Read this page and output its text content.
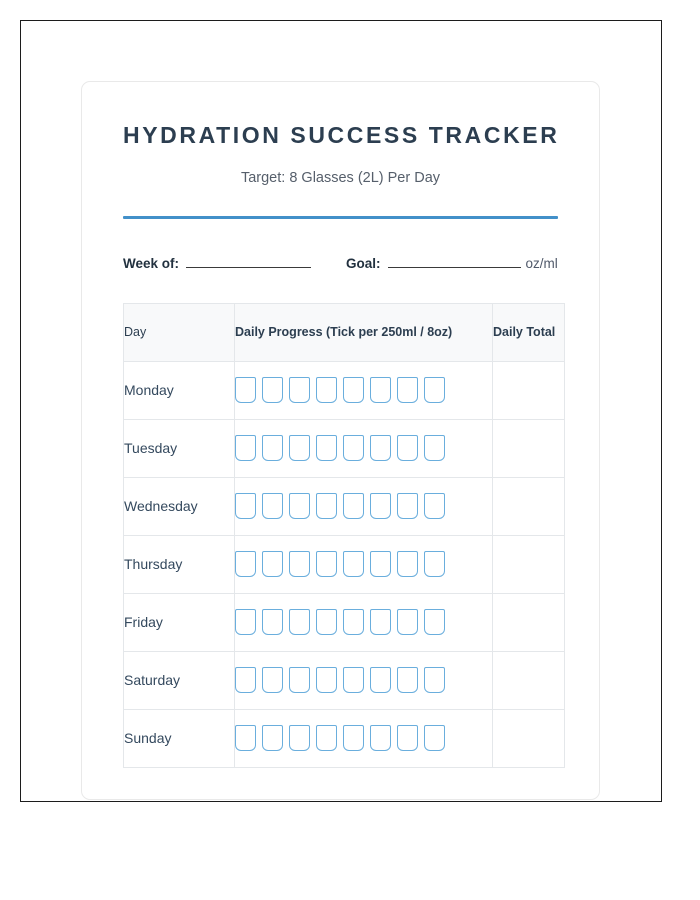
HYDRATION SUCCESS TRACKER

Target: 8 Glasses (2L) Per Day

Week of:	Goal:	oz/ml
Day	Daily Progress (Tick per 250ml / 8oz)	Daily Total
Monday	

Tuesday	

Wednesday	

Thursday	

Friday	

Saturday	

Sunday	
